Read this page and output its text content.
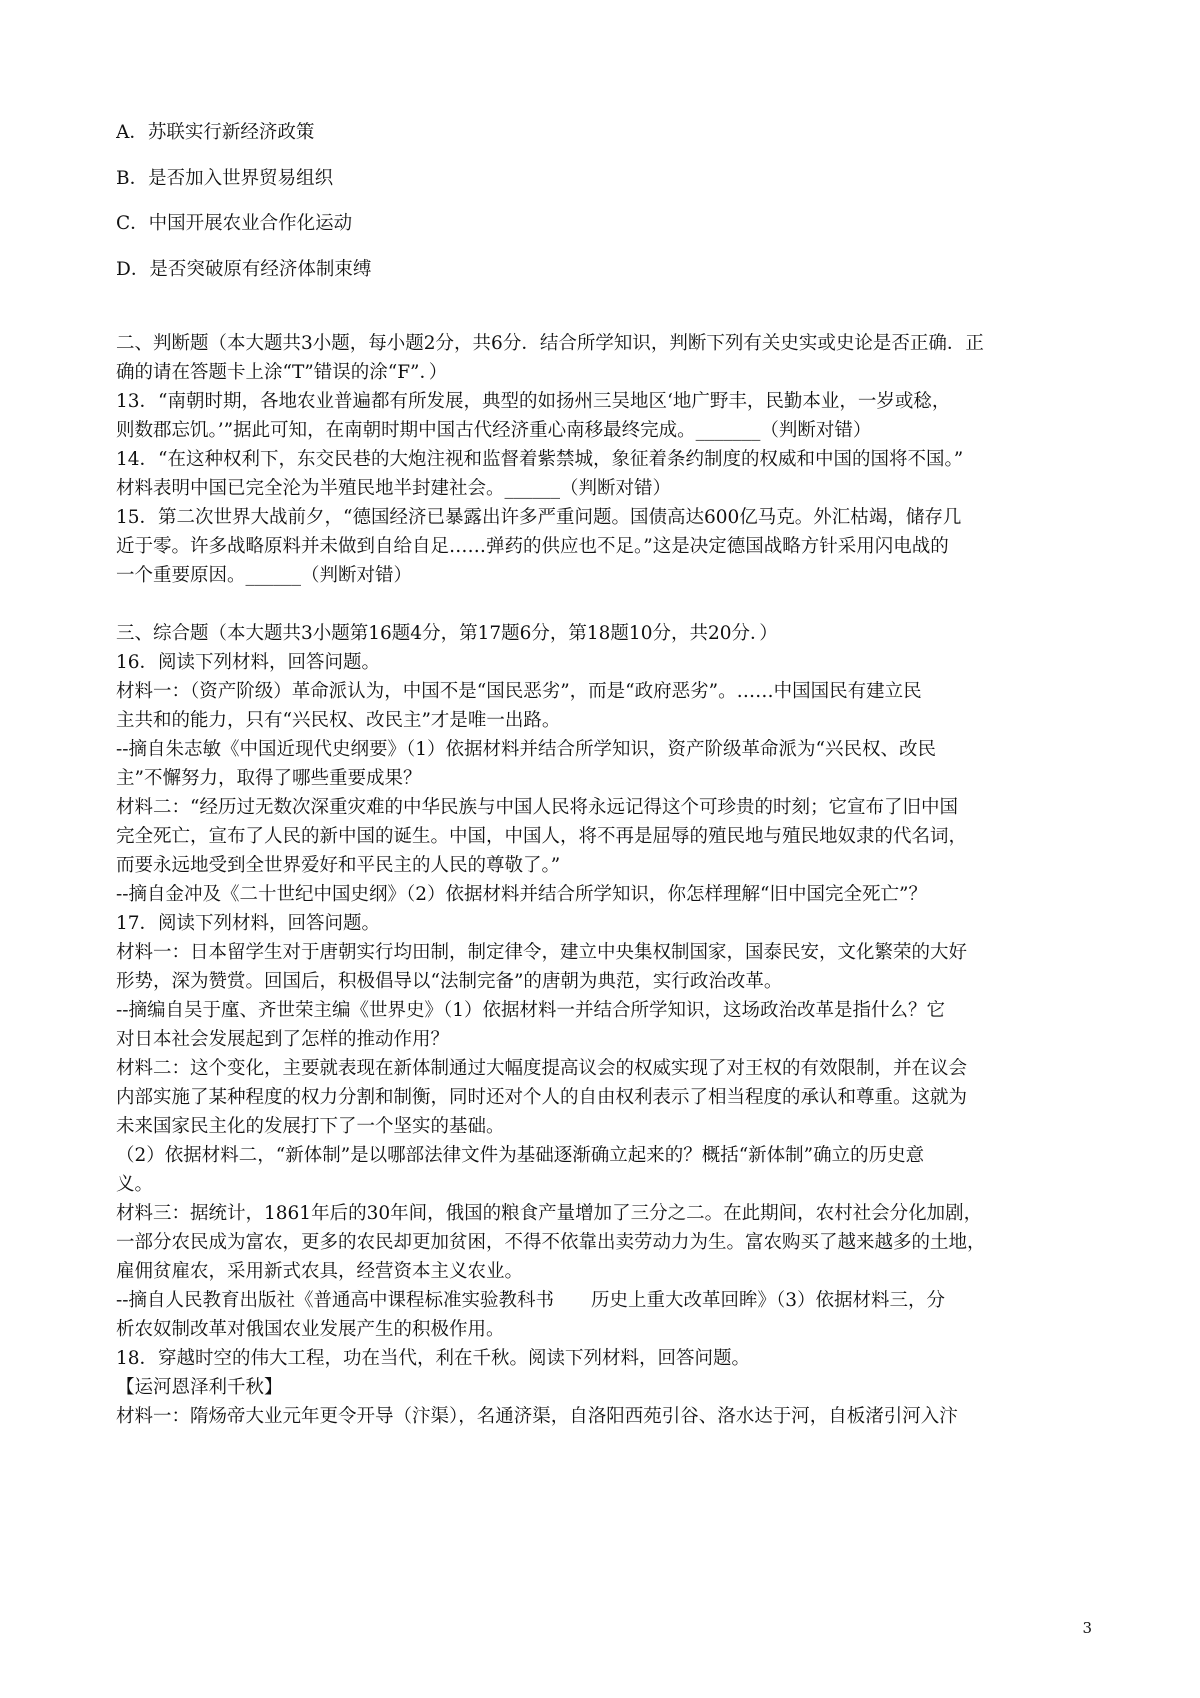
A．苏联实行新经济政策
B．是否加入世界贸易组织
C．中国开展农业合作化运动
D．是否突破原有经济体制束缚
二、判断题（本大题共3小题，每小题2分，共6分．结合所学知识，判断下列有关史实或史论是否正确．正
确的请在答题卡上涂“T”错误的涂“F”．）
13．“南朝时期，各地农业普遍都有所发展，典型的如扬州三吴地区‘地广野丰，民勤本业，一岁或稔，
则数郡忘饥。’”据此可知，在南朝时期中国古代经济重心南移最终完成。_______（判断对错）
14．“在这种权利下，东交民巷的大炮注视和监督着紫禁城，象征着条约制度的权威和中国的国将不国。”
材料表明中国已完全沦为半殖民地半封建社会。______（判断对错）
15．第二次世界大战前夕，“德国经济已暴露出许多严重问题。国债高达600亿马克。外汇枯竭，储存几
近于零。许多战略原料并未做到自给自足……弹药的供应也不足。”这是决定德国战略方针采用闪电战的
一个重要原因。______（判断对错）
三、综合题（本大题共3小题第16题4分，第17题6分，第18题10分，共20分．）
16．阅读下列材料，回答问题。
材料一：（资产阶级）革命派认为，中国不是“国民恶劣”，而是“政府恶劣”。……中国国民有建立民
主共和的能力，只有“兴民权、改民主”才是唯一出路。
--摘自朱志敏《中国近现代史纲要》（1）依据材料并结合所学知识，资产阶级革命派为“兴民权、改民
主”不懈努力，取得了哪些重要成果？
材料二：“经历过无数次深重灾难的中华民族与中国人民将永远记得这个可珍贵的时刻；它宣布了旧中国
完全死亡，宣布了人民的新中国的诞生。中国，中国人，将不再是屈辱的殖民地与殖民地奴隶的代名词，
而要永远地受到全世界爱好和平民主的人民的尊敬了。”
--摘自金冲及《二十世纪中国史纲》（2）依据材料并结合所学知识，你怎样理解“旧中国完全死亡”？
17．阅读下列材料，回答问题。
材料一：日本留学生对于唐朝实行均田制，制定律令，建立中央集权制国家，国泰民安，文化繁荣的大好
形势，深为赞赏。回国后，积极倡导以“法制完备”的唐朝为典范，实行政治改革。
--摘编自吴于廑、齐世荣主编《世界史》（1）依据材料一并结合所学知识，这场政治改革是指什么？它
对日本社会发展起到了怎样的推动作用？
材料二：这个变化，主要就表现在新体制通过大幅度提高议会的权威实现了对王权的有效限制，并在议会
内部实施了某种程度的权力分割和制衡，同时还对个人的自由权利表示了相当程度的承认和尊重。这就为
未来国家民主化的发展打下了一个坚实的基础。
（2）依据材料二，“新体制”是以哪部法律文件为基础逐渐确立起来的？概括“新体制”确立的历史意
义。
材料三：据统计，1861年后的30年间，俄国的粮食产量增加了三分之二。在此期间，农村社会分化加剧，
一部分农民成为富农，更多的农民却更加贫困，不得不依靠出卖劳动力为生。富农购买了越来越多的土地，
雇佣贫雇农，采用新式农具，经营资本主义农业。
--摘自人民教育出版社《普通高中课程标准实验教科书　　历史上重大改革回眸》（3）依据材料三，分
析农奴制改革对俄国农业发展产生的积极作用。
18．穿越时空的伟大工程，功在当代，利在千秋。阅读下列材料，回答问题。
【运河恩泽利千秋】
材料一：隋炀帝大业元年更令开导（汴渠），名通济渠，自洛阳西苑引谷、洛水达于河，自板渚引河入汴
3
